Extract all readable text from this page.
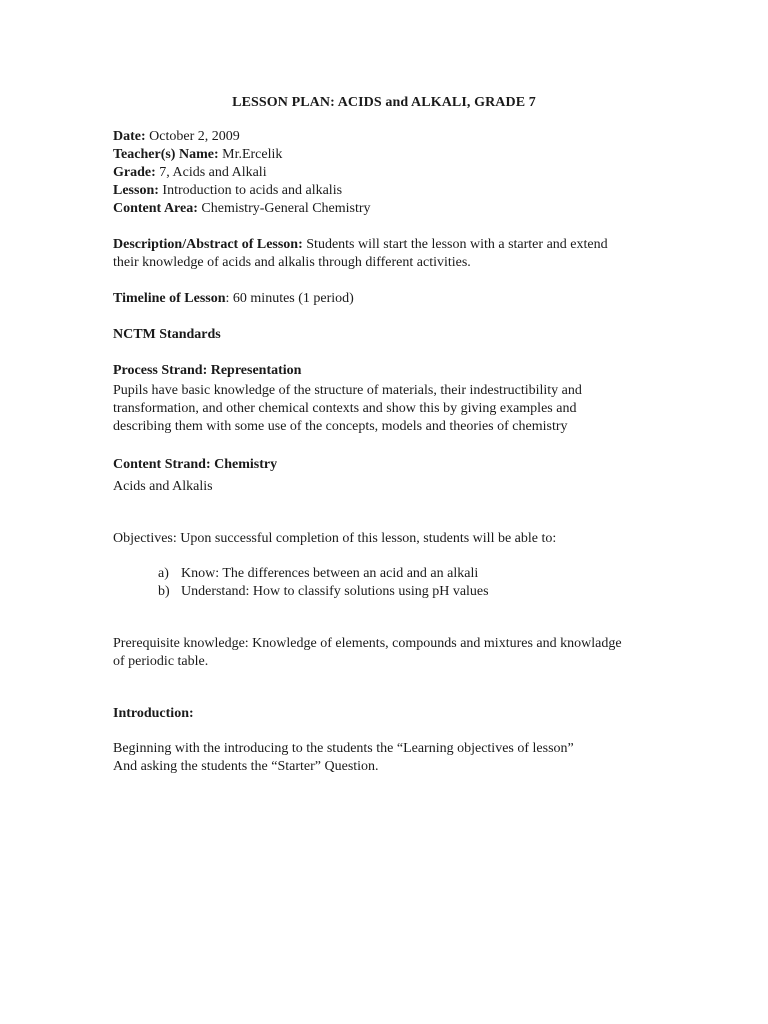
LESSON PLAN: ACIDS and ALKALI, GRADE 7
Date: October 2, 2009
Teacher(s) Name: Mr.Ercelik
Grade: 7, Acids and Alkali
Lesson: Introduction to acids and alkalis
Content Area: Chemistry-General Chemistry
Description/Abstract of Lesson: Students will start the lesson with a starter and extend
their knowledge of acids and alkalis through different activities.
Timeline of Lesson: 60 minutes (1 period)
NCTM Standards
Process Strand: Representation
Pupils have basic knowledge of the structure of materials, their indestructibility and
transformation, and other chemical contexts and show this by giving examples and
describing them with some use of the concepts, models and theories of chemistry
Content Strand: Chemistry
Acids and Alkalis
Objectives: Upon successful completion of this lesson, students will be able to:
a) Know: The differences between an acid and an alkali
b) Understand: How to classify solutions using pH values
Prerequisite knowledge: Knowledge of elements, compounds and mixtures and knowladge
of periodic table.
Introduction:
Beginning with the introducing to the students the “Learning objectives of lesson”
And asking the students the “Starter” Question.
